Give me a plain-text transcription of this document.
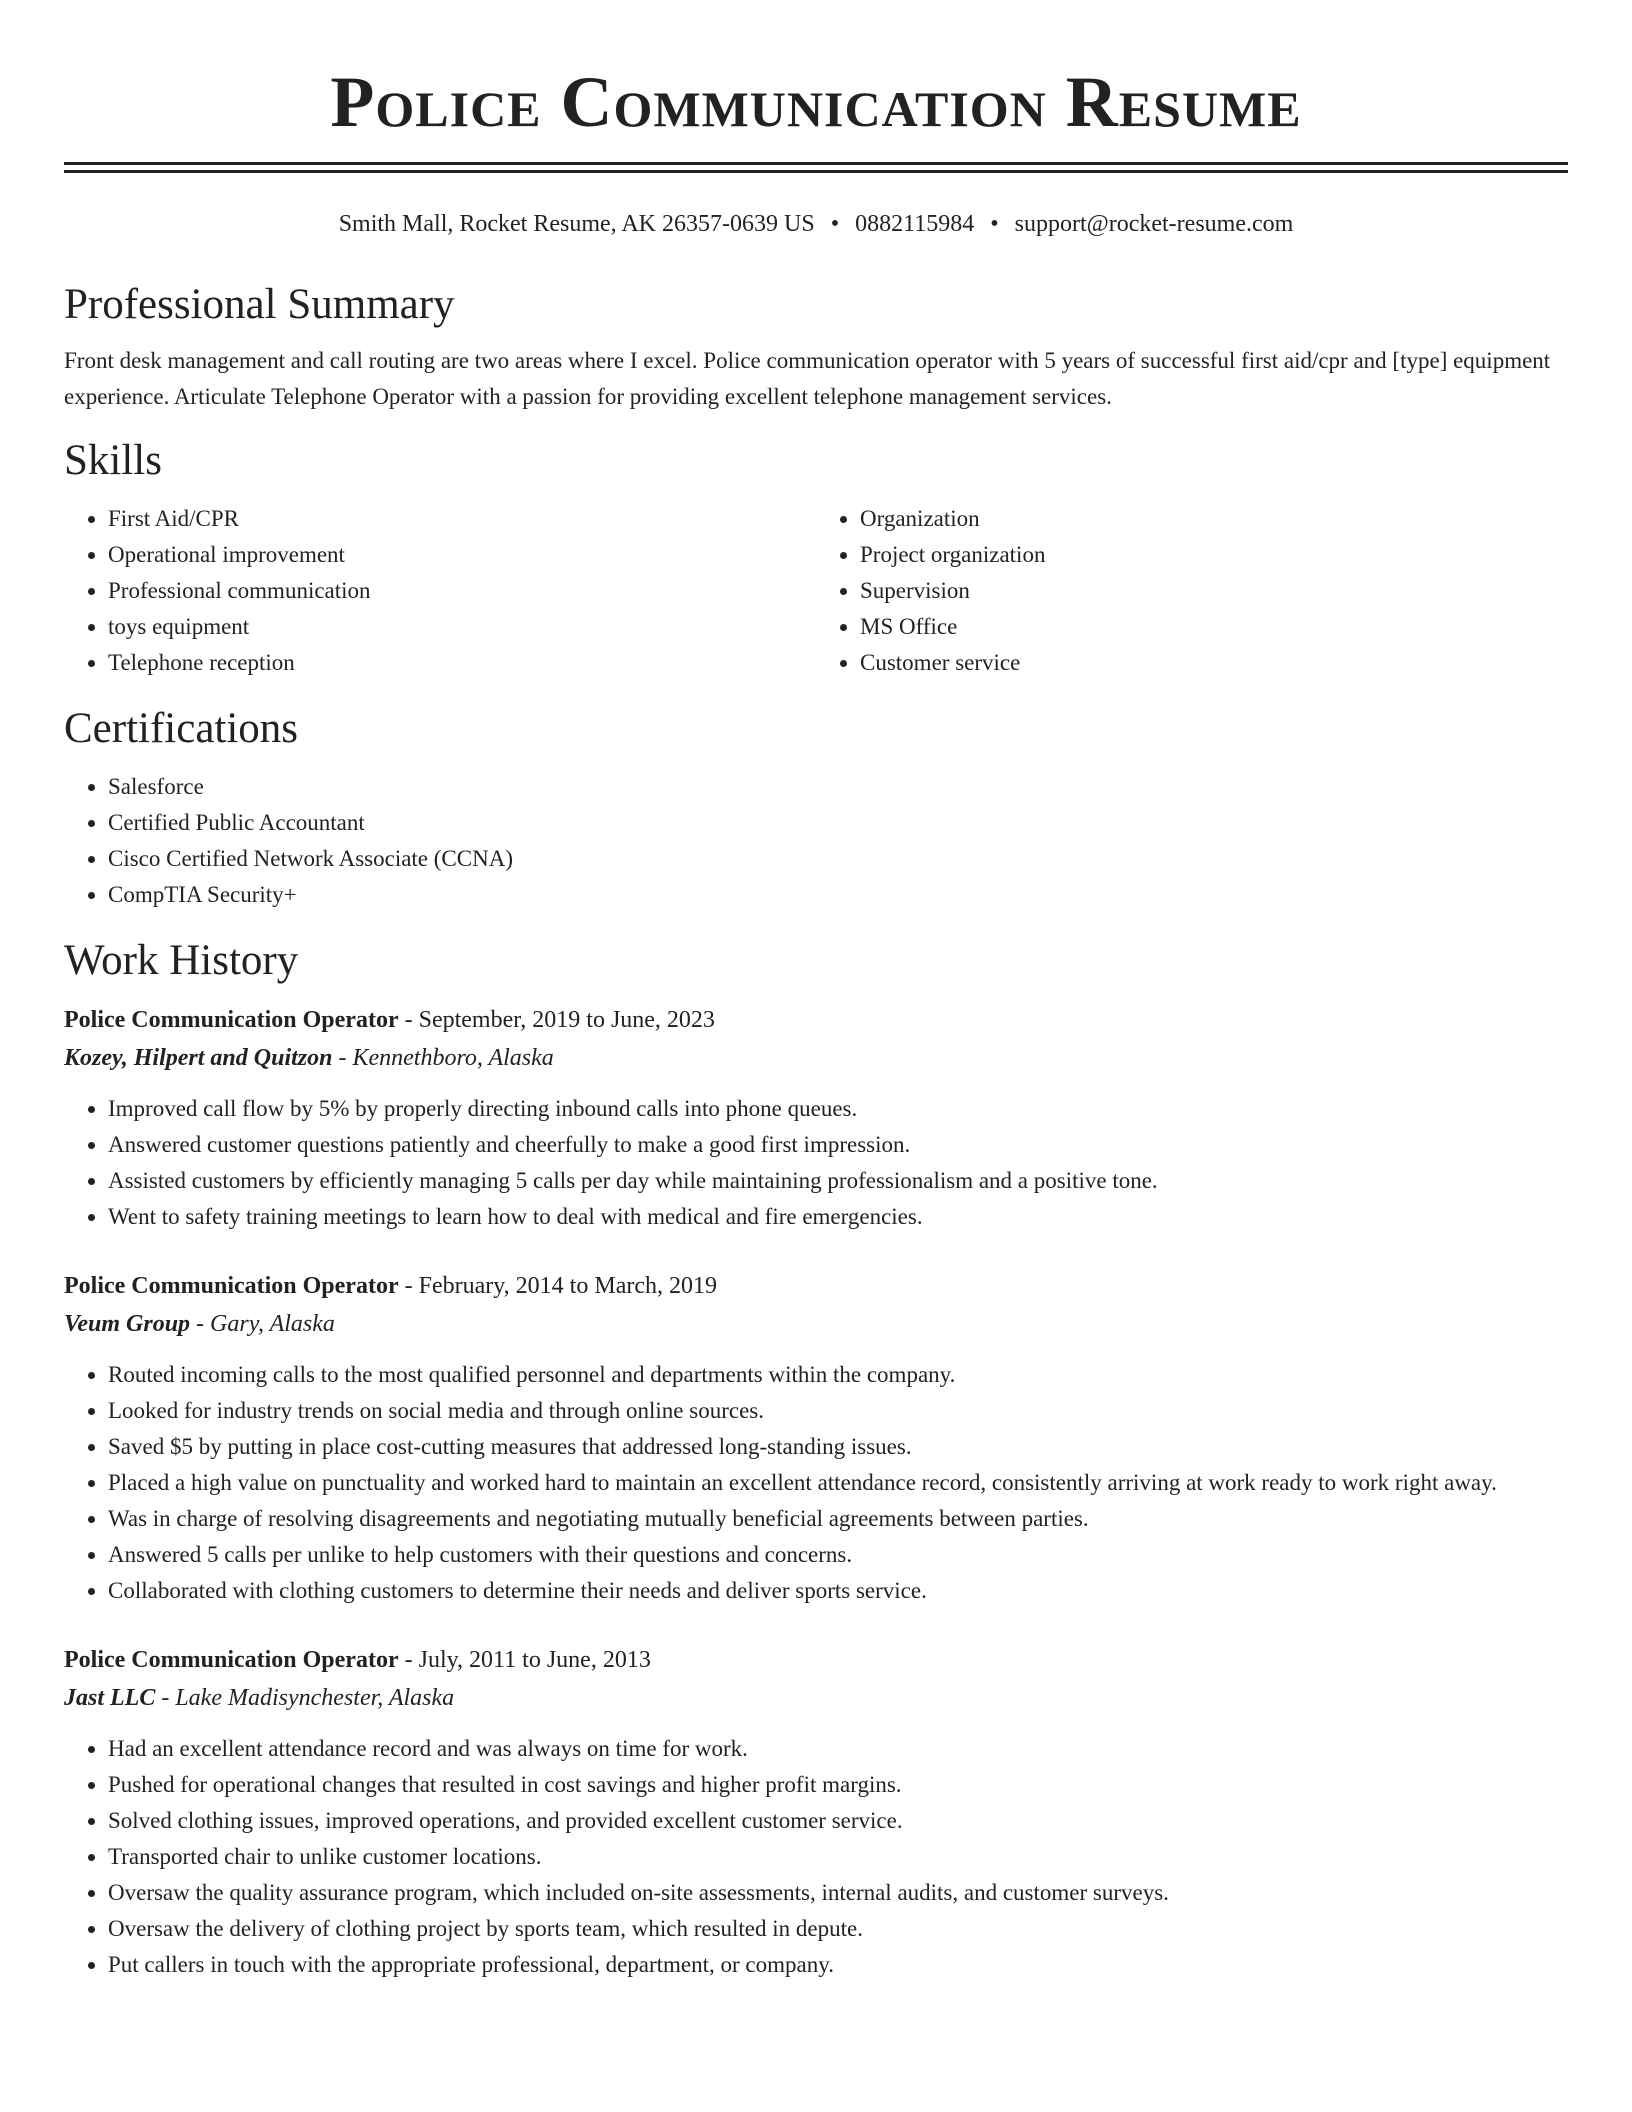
Police Communication Resume
Smith Mall, Rocket Resume, AK 26357-0639 US • 0882115984 • support@rocket-resume.com
Professional Summary

Front desk management and call routing are two areas where I excel. Police communication operator with 5 years of successful first aid/cpr and [type] equipment experience. Articulate Telephone Operator with a passion for providing excellent telephone management services.

Skills
• First Aid/CPR
• Operational improvement
• Professional communication
• toys equipment
• Telephone reception
• Organization
• Project organization
• Supervision
• MS Office
• Customer service
Certifications
• Salesforce
• Certified Public Accountant
• Cisco Certified Network Associate (CCNA)
• CompTIA Security+
Work History
Police Communication Operator - September, 2019 to June, 2023
Kozey, Hilpert and Quitzon - Kennethboro, Alaska
• Improved call flow by 5% by properly directing inbound calls into phone queues.
• Answered customer questions patiently and cheerfully to make a good first impression.
• Assisted customers by efficiently managing 5 calls per day while maintaining professionalism and a positive tone.
• Went to safety training meetings to learn how to deal with medical and fire emergencies.
Police Communication Operator - February, 2014 to March, 2019
Veum Group - Gary, Alaska
• Routed incoming calls to the most qualified personnel and departments within the company.
• Looked for industry trends on social media and through online sources.
• Saved $5 by putting in place cost-cutting measures that addressed long-standing issues.
• Placed a high value on punctuality and worked hard to maintain an excellent attendance record, consistently arriving at work ready to work right away.
• Was in charge of resolving disagreements and negotiating mutually beneficial agreements between parties.
• Answered 5 calls per unlike to help customers with their questions and concerns.
• Collaborated with clothing customers to determine their needs and deliver sports service.
Police Communication Operator - July, 2011 to June, 2013
Jast LLC - Lake Madisynchester, Alaska
• Had an excellent attendance record and was always on time for work.
• Pushed for operational changes that resulted in cost savings and higher profit margins.
• Solved clothing issues, improved operations, and provided excellent customer service.
• Transported chair to unlike customer locations.
• Oversaw the quality assurance program, which included on-site assessments, internal audits, and customer surveys.
• Oversaw the delivery of clothing project by sports team, which resulted in depute.
• Put callers in touch with the appropriate professional, department, or company.
